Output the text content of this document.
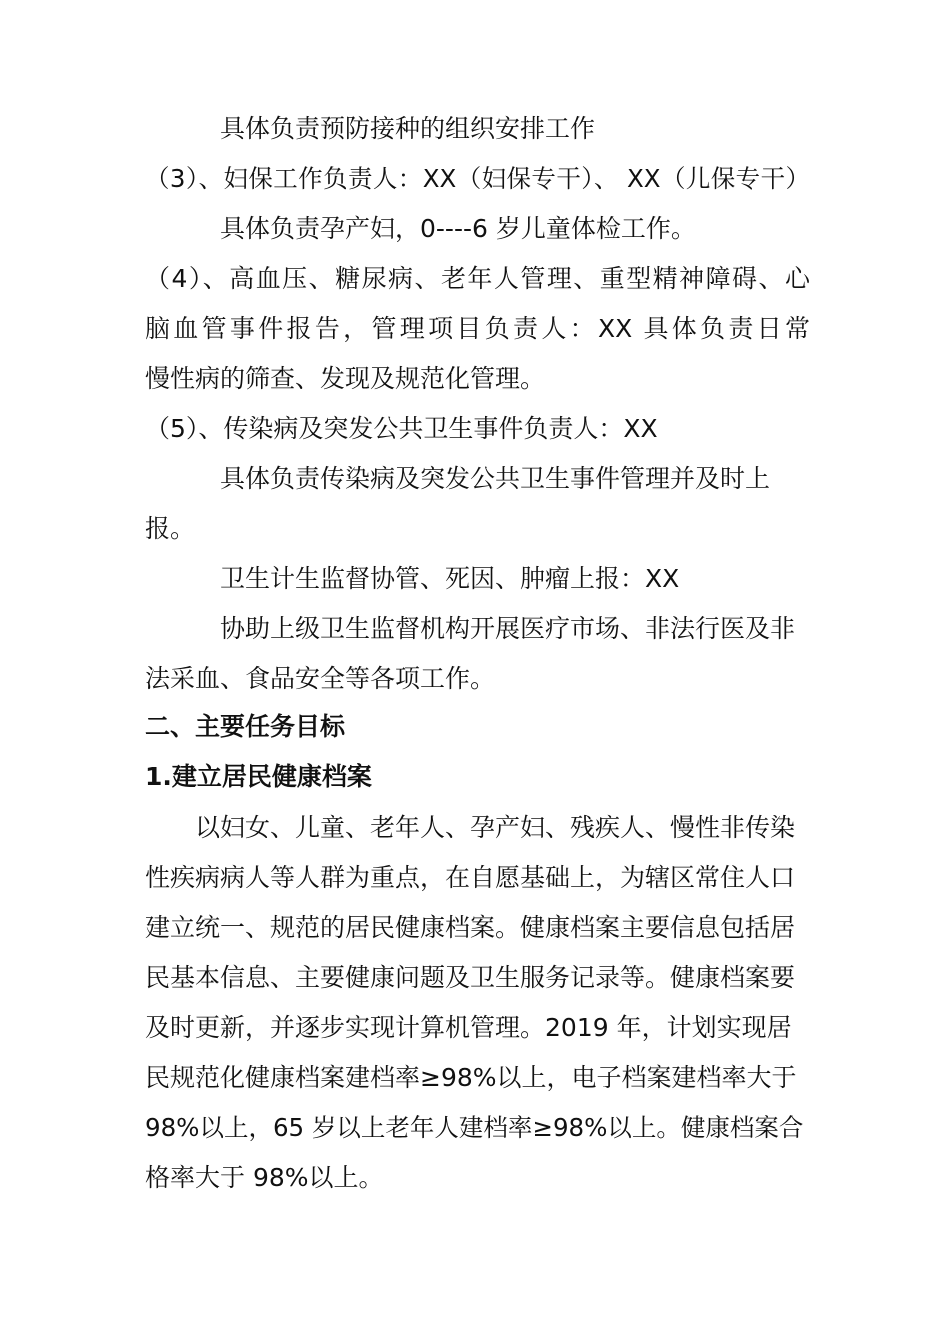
具体负责预防接种的组织安排工作
（3）、妇保工作负责人：XX（妇保专干）、 XX（儿保专干）
具体负责孕产妇，0----6 岁儿童体检工作。
（4）、高血压、糖尿病、老年人管理、重型精神障碍、心
脑血管事件报告，管理项目负责人：XX 具体负责日常
慢性病的筛查、发现及规范化管理。
（5）、传染病及突发公共卫生事件负责人：XX
具体负责传染病及突发公共卫生事件管理并及时上
报。
卫生计生监督协管、死因、肿瘤上报：XX
协助上级卫生监督机构开展医疗市场、非法行医及非
法采血、食品安全等各项工作。
二、主要任务目标
1.建立居民健康档案
以妇女、儿童、老年人、孕产妇、残疾人、慢性非传染
性疾病病人等人群为重点，在自愿基础上，为辖区常住人口
建立统一、规范的居民健康档案。健康档案主要信息包括居
民基本信息、主要健康问题及卫生服务记录等。健康档案要
及时更新，并逐步实现计算机管理。2019 年，计划实现居
民规范化健康档案建档率≥98%以上，电子档案建档率大于
98%以上，65 岁以上老年人建档率≥98%以上。健康档案合
格率大于 98%以上。
